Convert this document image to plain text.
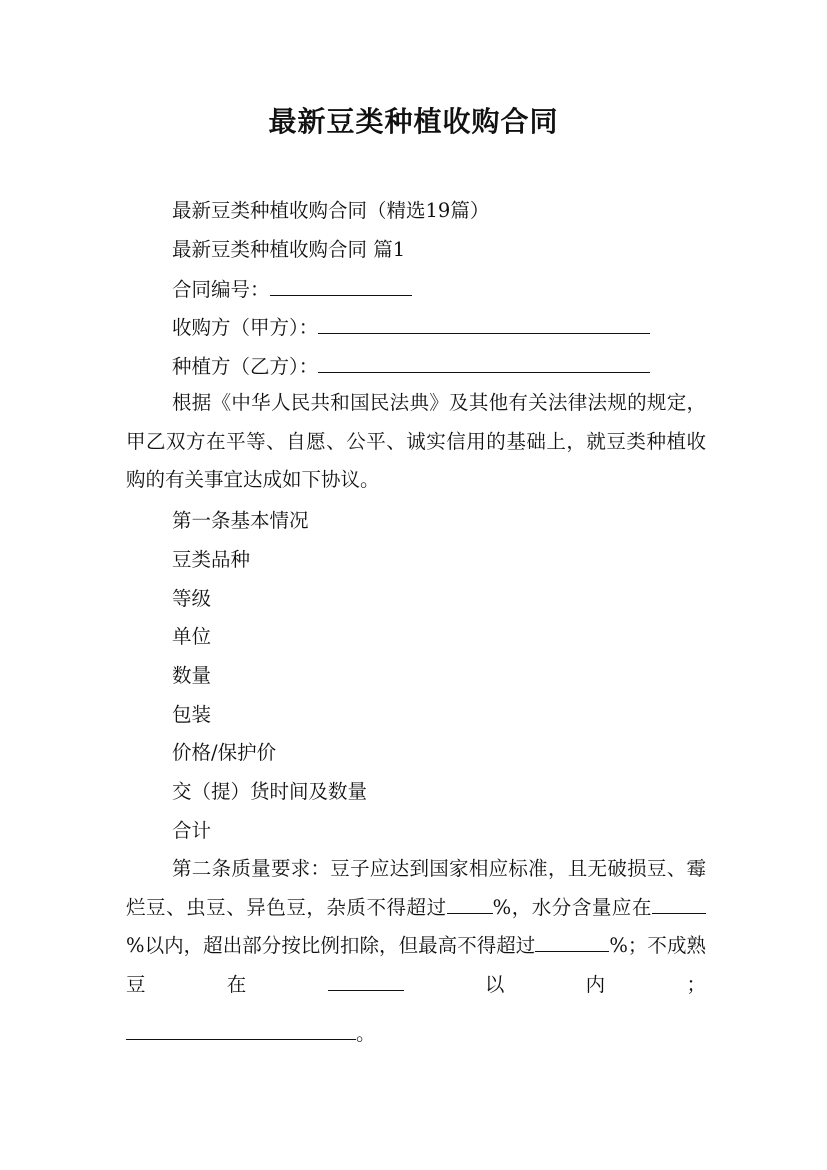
最新豆类种植收购合同
最新豆类种植收购合同（精选19篇）
最新豆类种植收购合同 篇1
合同编号：
收购方（甲方）：
种植方（乙方）：
根据《中华人民共和国民法典》及其他有关法律法规的规定，甲乙双方在平等、自愿、公平、诚实信用的基础上，就豆类种植收购的有关事宜达成如下协议。
第一条基本情况
豆类品种
等级
单位
数量
包装
价格/保护价
交（提）货时间及数量
合计
第二条质量要求：豆子应达到国家相应标准，且无破损豆、霉烂豆、虫豆、异色豆，杂质不得超过 %，水分含量应在%以内，超出部分按比例扣除，但最高不得超过	%；不成熟豆在	以内；
。
